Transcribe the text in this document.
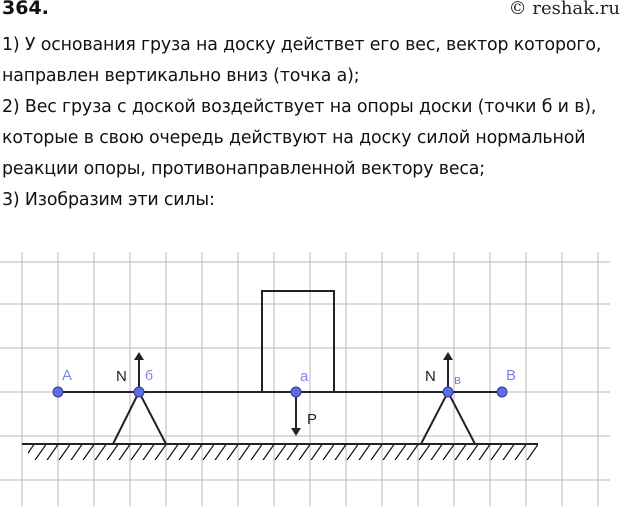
364.	© reshak.ru
1) У основания груза на доску действет его вес, вектор которого,
направлен вертикально вниз (точка а);
2) Вес груза с доской воздействует на опоры доски (точки б и в),
которые в свою очередь действуют на доску силой нормальной
реакции опоры, противонаправленной вектору веса;
3) Изобразим эти силы:
A	B
а
б	в
N	N
P
